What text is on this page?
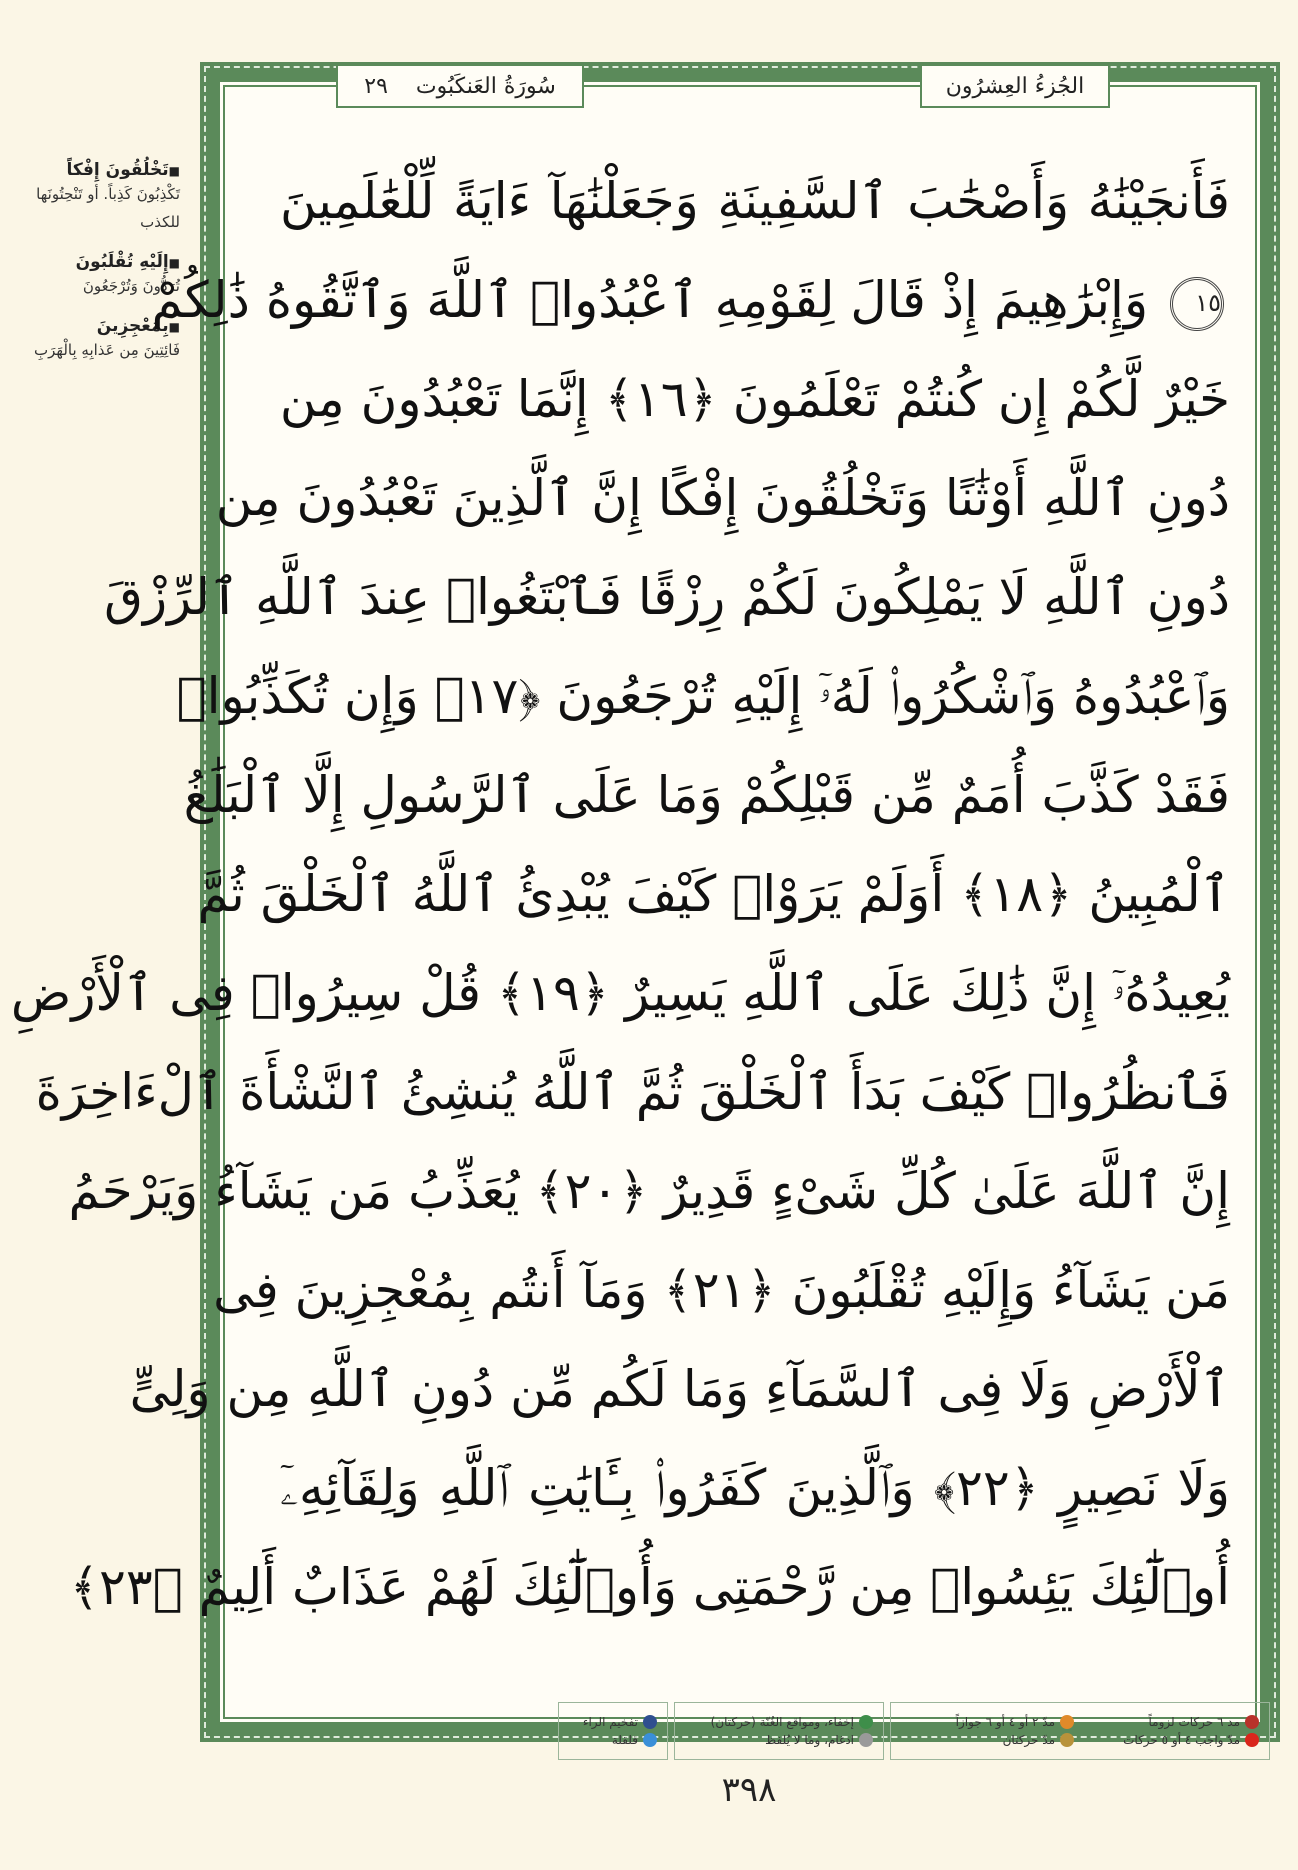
■ تَخْلُقُونَ إِفْكاً
تَكْذِبُونَ كَذِباً. أو تَنْحِتُونَها للكذب
■ إِلَيْهِ تُقْلَبُونَ
تُرَدُّونَ وَتُرْجَعُونَ
■ بِمُعْجِزِينَ
فَائِتِينَ مِن عَذابِهِ بِالْهَرَبِ
سُورَةُ العَنكَبُوت
٢٩	الجُزءُ العِشرُون
فَأَنجَيْنَٰهُ وَأَصْحَٰبَ ٱلسَّفِينَةِ وَجَعَلْنَٰهَآ ءَايَةً لِّلْعَٰلَمِينَ
١٥ وَإِبْرَٰهِيمَ إِذْ قَالَ لِقَوْمِهِ ٱعْبُدُوا۟ ٱللَّهَ وَٱتَّقُوهُ ذَٰلِكُمْ
خَيْرٌ لَّكُمْ إِن كُنتُمْ تَعْلَمُونَ ﴿١٦﴾ إِنَّمَا تَعْبُدُونَ مِن
دُونِ ٱللَّهِ أَوْثَٰنًا وَتَخْلُقُونَ إِفْكًا إِنَّ ٱلَّذِينَ تَعْبُدُونَ مِن
دُونِ ٱللَّهِ لَا يَمْلِكُونَ لَكُمْ رِزْقًا فَٱبْتَغُوا۟ عِندَ ٱللَّهِ ٱلرِّزْقَ
وَٱعْبُدُوهُ وَٱشْكُرُوا۟ لَهُۥٓ إِلَيْهِ تُرْجَعُونَ ﴿١٧﴾ وَإِن تُكَذِّبُوا۟
فَقَدْ كَذَّبَ أُمَمٌ مِّن قَبْلِكُمْ وَمَا عَلَى ٱلرَّسُولِ إِلَّا ٱلْبَلَٰغُ
ٱلْمُبِينُ ﴿١٨﴾ أَوَلَمْ يَرَوْا۟ كَيْفَ يُبْدِئُ ٱللَّهُ ٱلْخَلْقَ ثُمَّ
يُعِيدُهُۥٓ إِنَّ ذَٰلِكَ عَلَى ٱللَّهِ يَسِيرٌ ﴿١٩﴾ قُلْ سِيرُوا۟ فِى ٱلْأَرْضِ
فَٱنظُرُوا۟ كَيْفَ بَدَأَ ٱلْخَلْقَ ثُمَّ ٱللَّهُ يُنشِئُ ٱلنَّشْأَةَ ٱلْءَاخِرَةَ
إِنَّ ٱللَّهَ عَلَىٰ كُلِّ شَىْءٍ قَدِيرٌ ﴿٢٠﴾ يُعَذِّبُ مَن يَشَآءُ وَيَرْحَمُ
مَن يَشَآءُ وَإِلَيْهِ تُقْلَبُونَ ﴿٢١﴾ وَمَآ أَنتُم بِمُعْجِزِينَ فِى
ٱلْأَرْضِ وَلَا فِى ٱلسَّمَآءِ وَمَا لَكُم مِّن دُونِ ٱللَّهِ مِن وَلِىٍّ
وَلَا نَصِيرٍ ﴿٢٢﴾ وَٱلَّذِينَ كَفَرُوا۟ بِـَٔايَٰتِ ٱللَّهِ وَلِقَآئِهِۦٓ
أُو۟لَٰٓئِكَ يَئِسُوا۟ مِن رَّحْمَتِى وَأُو۟لَٰٓئِكَ لَهُمْ عَذَابٌ أَلِيمٌ ﴿٢٣﴾
مد ٦ حركات لزوماً
مدّ ٢ أو ٤ أو ٦ جوازاً
مدّ واجب ٤ أو ٥ حركات
مدّ حركتان
إخفاء، ومواقع الغُنّة (حركتان)
ادغام، وما لا يُلفظ
تفخيم الراء
قلقلة
٣٩٨
